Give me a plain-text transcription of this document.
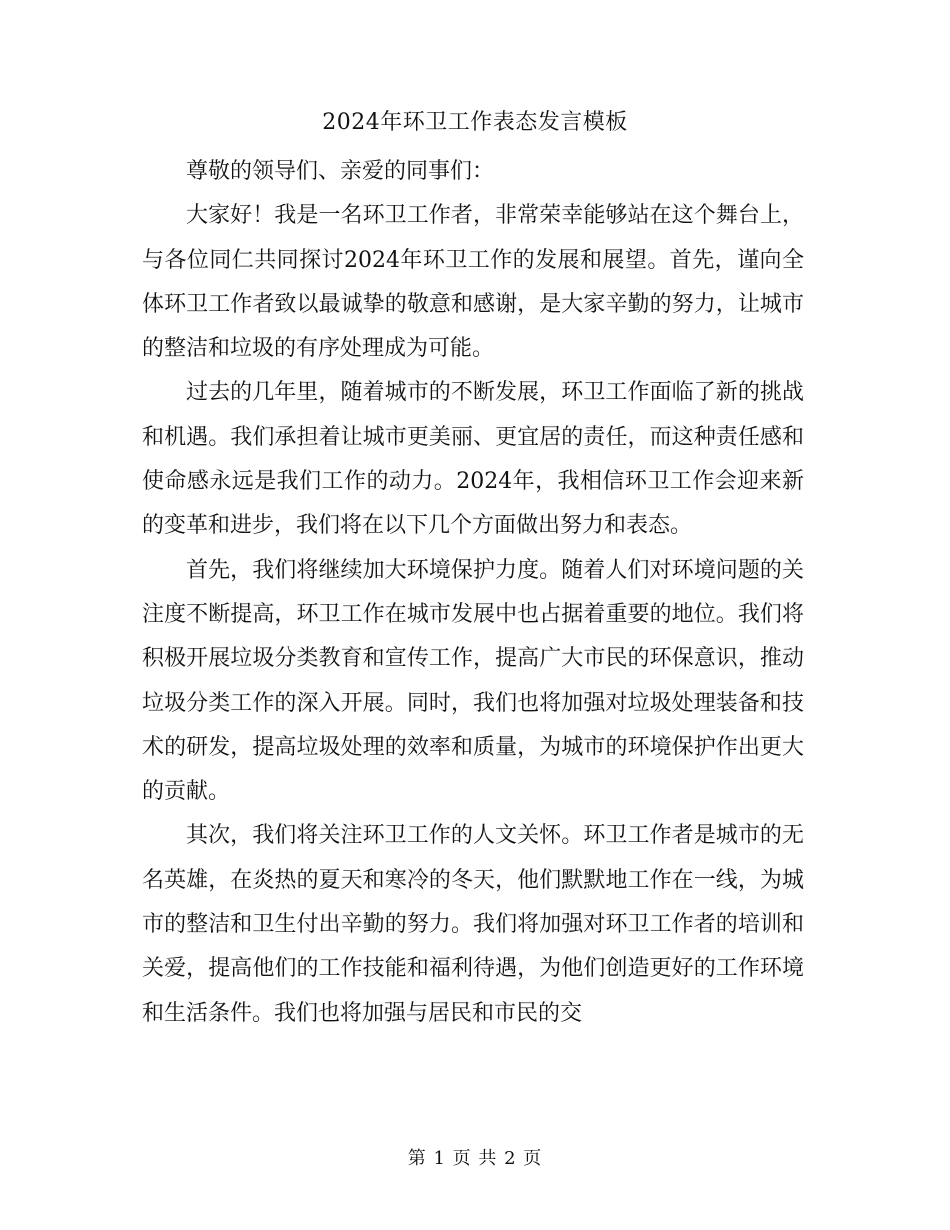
2024年环卫工作表态发言模板

尊敬的领导们、亲爱的同事们：

大家好！我是一名环卫工作者，非常荣幸能够站在这个舞台上，与各位同仁共同探讨2024年环卫工作的发展和展望。首先，谨向全体环卫工作者致以最诚挚的敬意和感谢，是大家辛勤的努力，让城市的整洁和垃圾的有序处理成为可能。

过去的几年里，随着城市的不断发展，环卫工作面临了新的挑战和机遇。我们承担着让城市更美丽、更宜居的责任，而这种责任感和使命感永远是我们工作的动力。2024年，我相信环卫工作会迎来新的变革和进步，我们将在以下几个方面做出努力和表态。

首先，我们将继续加大环境保护力度。随着人们对环境问题的关注度不断提高，环卫工作在城市发展中也占据着重要的地位。我们将积极开展垃圾分类教育和宣传工作，提高广大市民的环保意识，推动垃圾分类工作的深入开展。同时，我们也将加强对垃圾处理装备和技术的研发，提高垃圾处理的效率和质量，为城市的环境保护作出更大的贡献。

其次，我们将关注环卫工作的人文关怀。环卫工作者是城市的无名英雄，在炎热的夏天和寒冷的冬天，他们默默地工作在一线，为城市的整洁和卫生付出辛勤的努力。我们将加强对环卫工作者的培训和关爱，提高他们的工作技能和福利待遇，为他们创造更好的工作环境和生活条件。我们也将加强与居民和市民的交

第 1 页 共 2 页
